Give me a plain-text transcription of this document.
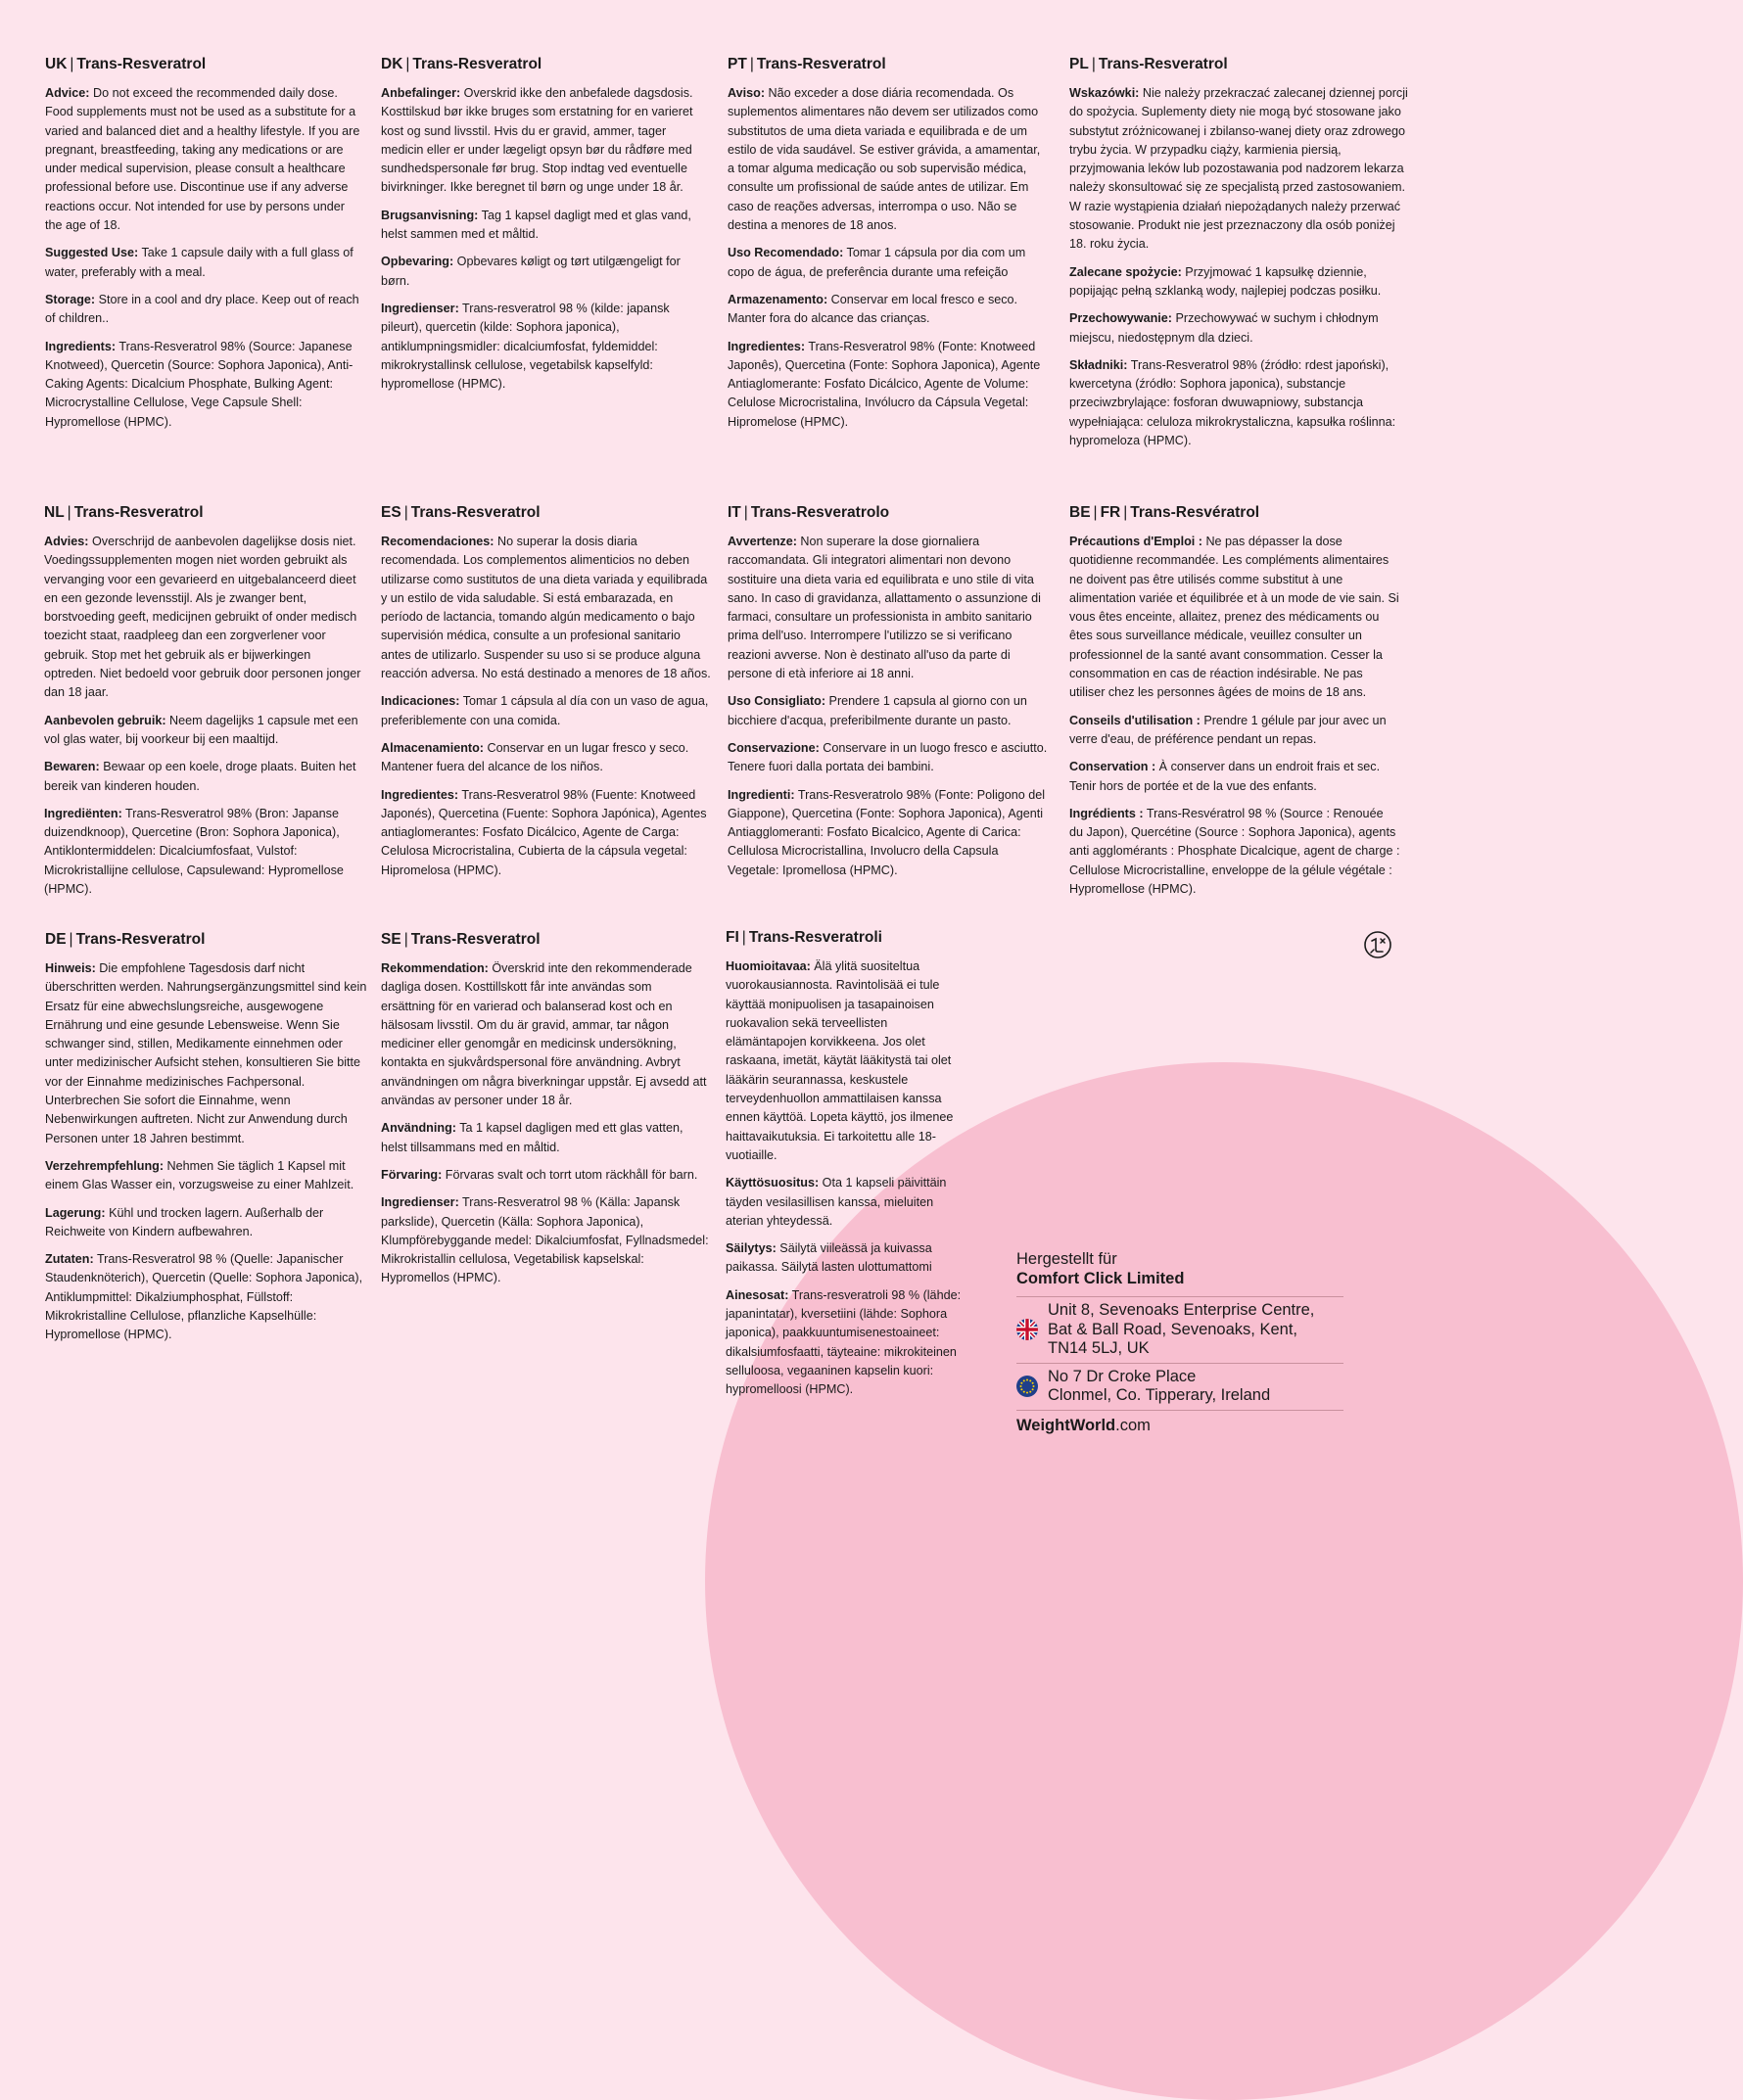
UK | Trans-Resveratrol

Advice: Do not exceed the recommended daily dose. Food supplements must not be used as a substitute for a varied and balanced diet and a healthy lifestyle. If you are pregnant, breastfeeding, taking any medications or are under medical supervision, please consult a healthcare professional before use. Discontinue use if any adverse reactions occur. Not intended for use by persons under the age of 18.

Suggested Use: Take 1 capsule daily with a full glass of water, preferably with a meal.

Storage: Store in a cool and dry place. Keep out of reach of children..

Ingredients: Trans-Resveratrol 98% (Source: Japanese Knotweed), Quercetin (Source: Sophora Japonica), Anti-Caking Agents: Dicalcium Phosphate, Bulking Agent: Microcrystalline Cellulose, Vege Capsule Shell: Hypromellose (HPMC).

DK | Trans-Resveratrol

Anbefalinger: Overskrid ikke den anbefalede dagsdosis. Kosttilskud bør ikke bruges som erstatning for en varieret kost og sund livsstil. Hvis du er gravid, ammer, tager medicin eller er under lægeligt opsyn bør du rådføre med sundhedspersonale før brug. Stop indtag ved eventuelle bivirkninger. Ikke beregnet til børn og unge under 18 år.

Brugsanvisning: Tag 1 kapsel dagligt med et glas vand, helst sammen med et måltid.

Opbevaring: Opbevares køligt og tørt utilgængeligt for børn.

Ingredienser: Trans-resveratrol 98 % (kilde: japansk pileurt), quercetin (kilde: Sophora japonica), antiklumpningsmidler: dicalciumfosfat, fyldemiddel: mikrokrystallinsk cellulose, vegetabilsk kapselfyld: hypromellose (HPMC).

PT | Trans-Resveratrol

Aviso: Não exceder a dose diária recomendada. Os suplementos alimentares não devem ser utilizados como substitutos de uma dieta variada e equilibrada e de um estilo de vida saudável. Se estiver grávida, a amamentar, a tomar alguma medicação ou sob supervisão médica, consulte um profissional de saúde antes de utilizar. Em caso de reações adversas, interrompa o uso. Não se destina a menores de 18 anos.

Uso Recomendado: Tomar 1 cápsula por dia com um copo de água, de preferência durante uma refeição

Armazenamento: Conservar em local fresco e seco. Manter fora do alcance das crianças.

Ingredientes: Trans-Resveratrol 98% (Fonte: Knotweed Japonês), Quercetina (Fonte: Sophora Japonica), Agente Antiaglomerante: Fosfato Dicálcico, Agente de Volume: Celulose Microcristalina, Invólucro da Cápsula Vegetal: Hipromelose (HPMC).

PL | Trans-Resveratrol

Wskazówki: Nie należy przekraczać zalecanej dziennej porcji do spożycia. Suplementy diety nie mogą być stosowane jako substytut zróżnicowanej i zbilanso-wanej diety oraz zdrowego trybu życia. W przypadku ciąży, karmienia piersią, przyjmowania leków lub pozostawania pod nadzorem lekarza należy skonsultować się ze specjalistą przed zastosowaniem. W razie wystąpienia działań niepożądanych należy przerwać stosowanie. Produkt nie jest przeznaczony dla osób poniżej 18. roku życia.

Zalecane spożycie: Przyjmować 1 kapsułkę dziennie, popijając pełną szklanką wody, najlepiej podczas posiłku.

Przechowywanie: Przechowywać w suchym i chłodnym miejscu, niedostępnym dla dzieci.

Składniki: Trans-Resveratrol 98% (źródło: rdest japoński), kwercetyna (źródło: Sophora japonica), substancje przeciwzbrylające: fosforan dwuwapniowy, substancja wypełniająca: celuloza mikrokrystaliczna, kapsułka roślinna: hypromeloza (HPMC).

NL | Trans-Resveratrol

Advies: Overschrijd de aanbevolen dagelijkse dosis niet. Voedingssupplementen mogen niet worden gebruikt als vervanging voor een gevarieerd en uitgebalanceerd dieet en een gezonde levensstijl. Als je zwanger bent, borstvoeding geeft, medicijnen gebruikt of onder medisch toezicht staat, raadpleeg dan een zorgverlener voor gebruik. Stop met het gebruik als er bijwerkingen optreden. Niet bedoeld voor gebruik door personen jonger dan 18 jaar.

Aanbevolen gebruik: Neem dagelijks 1 capsule met een vol glas water, bij voorkeur bij een maaltijd.

Bewaren: Bewaar op een koele, droge plaats. Buiten het bereik van kinderen houden.

Ingrediënten: Trans-Resveratrol 98% (Bron: Japanse duizendknoop), Quercetine (Bron: Sophora Japonica), Antiklontermiddelen: Dicalciumfosfaat, Vulstof: Microkristallijne cellulose, Capsulewand: Hypromellose (HPMC).

ES | Trans-Resveratrol

Recomendaciones: No superar la dosis diaria recomendada. Los complementos alimenticios no deben utilizarse como sustitutos de una dieta variada y equilibrada y un estilo de vida saludable. Si está embarazada, en período de lactancia, tomando algún medicamento o bajo supervisión médica, consulte a un profesional sanitario antes de utilizarlo. Suspender su uso si se produce alguna reacción adversa. No está destinado a menores de 18 años.

Indicaciones: Tomar 1 cápsula al día con un vaso de agua, preferiblemente con una comida.

Almacenamiento: Conservar en un lugar fresco y seco. Mantener fuera del alcance de los niños.

Ingredientes: Trans-Resveratrol 98% (Fuente: Knotweed Japonés), Quercetina (Fuente: Sophora Japónica), Agentes antiaglomerantes: Fosfato Dicálcico, Agente de Carga: Celulosa Microcristalina, Cubierta de la cápsula vegetal: Hipromelosa (HPMC).

IT | Trans-Resveratrolo

Avvertenze: Non superare la dose giornaliera raccomandata. Gli integratori alimentari non devono sostituire una dieta varia ed equilibrata e uno stile di vita sano. In caso di gravidanza, allattamento o assunzione di farmaci, consultare un professionista in ambito sanitario prima dell'uso. Interrompere l'utilizzo se si verificano reazioni avverse. Non è destinato all'uso da parte di persone di età inferiore ai 18 anni.

Uso Consigliato: Prendere 1 capsula al giorno con un bicchiere d'acqua, preferibilmente durante un pasto.

Conservazione: Conservare in un luogo fresco e asciutto. Tenere fuori dalla portata dei bambini.

Ingredienti: Trans-Resveratrolo 98% (Fonte: Poligono del Giappone), Quercetina (Fonte: Sophora Japonica), Agenti Antiagglomeranti: Fosfato Bicalcico, Agente di Carica: Cellulosa Microcristallina, Involucro della Capsula Vegetale: Ipromellosa (HPMC).

BE | FR | Trans-Resvératrol

Précautions d'Emploi : Ne pas dépasser la dose quotidienne recommandée. Les compléments alimentaires ne doivent pas être utilisés comme substitut à une alimentation variée et équilibrée et à un mode de vie sain. Si vous êtes enceinte, allaitez, prenez des médicaments ou êtes sous surveillance médicale, veuillez consulter un professionnel de la santé avant consommation. Cesser la consommation en cas de réaction indésirable. Ne pas utiliser chez les personnes âgées de moins de 18 ans.

Conseils d'utilisation : Prendre 1 gélule par jour avec un verre d'eau, de préférence pendant un repas.

Conservation : À conserver dans un endroit frais et sec. Tenir hors de portée et de la vue des enfants.

Ingrédients : Trans-Resvératrol 98 % (Source : Renouée du Japon), Quercétine (Source : Sophora Japonica), agents anti agglomérants : Phosphate Dicalcique, agent de charge : Cellulose Microcristalline, enveloppe de la gélule végétale : Hypromellose (HPMC).

DE | Trans-Resveratrol

Hinweis: Die empfohlene Tagesdosis darf nicht überschritten werden. Nahrungsergänzungsmittel sind kein Ersatz für eine abwechslungsreiche, ausgewogene Ernährung und eine gesunde Lebensweise. Wenn Sie schwanger sind, stillen, Medikamente einnehmen oder unter medizinischer Aufsicht stehen, konsultieren Sie bitte vor der Einnahme medizinisches Fachpersonal. Unterbrechen Sie sofort die Einnahme, wenn Nebenwirkungen auftreten. Nicht zur Anwendung durch Personen unter 18 Jahren bestimmt.

Verzehrempfehlung: Nehmen Sie täglich 1 Kapsel mit einem Glas Wasser ein, vorzugsweise zu einer Mahlzeit.

Lagerung: Kühl und trocken lagern. Außerhalb der Reichweite von Kindern aufbewahren.

Zutaten: Trans-Resveratrol 98 % (Quelle: Japanischer Staudenknöterich), Quercetin (Quelle: Sophora Japonica), Antiklumpmittel: Dikalziumphosphat, Füllstoff: Mikrokristalline Cellulose, pflanzliche Kapselhülle: Hypromellose (HPMC).

SE | Trans-Resveratrol

Rekommendation: Överskrid inte den rekommenderade dagliga dosen. Kosttillskott får inte användas som ersättning för en varierad och balanserad kost och en hälsosam livsstil. Om du är gravid, ammar, tar någon mediciner eller genomgår en medicinsk undersökning, kontakta en sjukvårdspersonal före användning. Avbryt användningen om några biverkningar uppstår. Ej avsedd att användas av personer under 18 år.

Användning: Ta 1 kapsel dagligen med ett glas vatten, helst tillsammans med en måltid.

Förvaring: Förvaras svalt och torrt utom räckhåll för barn.

Ingredienser: Trans-Resveratrol 98 % (Källa: Japansk parkslide), Quercetin (Källa: Sophora Japonica), Klumpförebyggande medel: Dikalciumfosfat, Fyllnadsmedel: Mikrokristallin cellulosa, Vegetabilisk kapselskal: Hypromellos (HPMC).

FI | Trans-Resveratroli

Huomioitavaa: Älä ylitä suositeltua vuorokausiannosta. Ravintolisää ei tule käyttää monipuolisen ja tasapainoisen ruokavalion sekä terveellisten elämäntapojen korvikkeena. Jos olet raskaana, imetät, käytät lääkitystä tai olet lääkärin seurannassa, keskustele terveydenhuollon ammattilaisen kanssa ennen käyttöä. Lopeta käyttö, jos ilmenee haittavaikutuksia. Ei tarkoitettu alle 18-vuotiaille.

Käyttösuositus: Ota 1 kapseli päivittäin täyden vesilasillisen kanssa, mieluiten aterian yhteydessä.

Säilytys: Säilytä viileässä ja kuivassa paikassa. Säilytä lasten ulottumattomi

Ainesosat: Trans-resveratroli 98 % (lähde: japanintatar), kversetiini (lähde: Sophora japonica), paakkuuntumisenestoaineet: dikalsiumfosfaatti, täyteaine: mikrokiteinen selluloosa, vegaaninen kapselin kuori: hypromelloosi (HPMC).

Hergestellt für
Comfort Click Limited
Unit 8, Sevenoaks Enterprise Centre,
Bat & Ball Road, Sevenoaks, Kent,
TN14 5LJ, UK
No 7 Dr Croke Place
Clonmel, Co. Tipperary, Ireland
WeightWorld.com
